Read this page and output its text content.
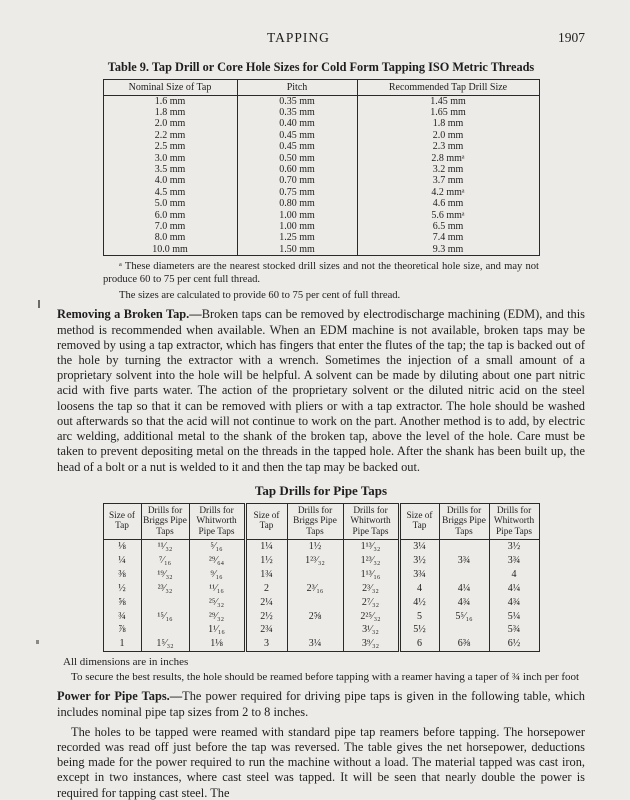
TAPPING	1907
Table 9. Tap Drill or Core Hole Sizes for Cold Form Tapping ISO Metric Threads
Nominal Size of Tap	Pitch	Recommended Tap Drill Size
1.6 mm	0.35 mm	1.45 mm
1.8 mm	0.35 mm	1.65 mm
2.0 mm	0.40 mm	1.8 mm
2.2 mm	0.45 mm	2.0 mm
2.5 mm	0.45 mm	2.3 mm
3.0 mm	0.50 mm	2.8 mmᵃ
3.5 mm	0.60 mm	3.2 mm
4.0 mm	0.70 mm	3.7 mm
4.5 mm	0.75 mm	4.2 mmᵃ
5.0 mm	0.80 mm	4.6 mm
6.0 mm	1.00 mm	5.6 mmᵃ
7.0 mm	1.00 mm	6.5 mm
8.0 mm	1.25 mm	7.4 mm
10.0 mm	1.50 mm	9.3 mm
ᵃ These diameters are the nearest stocked drill sizes and not the theoretical hole size, and may not produce 60 to 75 per cent full thread.
The sizes are calculated to provide 60 to 75 per cent of full thread.

Removing a Broken Tap.—Broken taps can be removed by electrodischarge machining (EDM), and this method is recommended when available. When an EDM machine is not available, broken taps may be removed by using a tap extractor, which has fingers that enter the flutes of the tap; the tap is backed out of the hole by turning the extractor with a wrench. Sometimes the injection of a small amount of a proprietary solvent into the hole will be helpful. A solvent can be made by diluting about one part nitric acid with five parts water. The action of the proprietary solvent or the diluted nitric acid on the steel loosens the tap so that it can be removed with pliers or with a tap extractor. The hole should be washed out afterwards so that the acid will not continue to work on the part. Another method is to add, by electric arc welding, additional metal to the shank of the broken tap, above the level of the hole. Care must be taken to prevent depositing metal on the threads in the tapped hole. After the shank has been built up, the head of a bolt or a nut is welded to it and then the tap may be backed out.

Tap Drills for Pipe Taps
Size of Tap	Drills for Briggs Pipe Taps	Drills for Whitworth Pipe Taps	Size of Tap	Drills for Briggs Pipe Taps	Drills for Whitworth Pipe Taps	Size of Tap	Drills for Briggs Pipe Taps	Drills for Whitworth Pipe Taps
⅛	¹¹⁄₃₂	⁵⁄₁₆	1¼	1½	1¹³⁄₃₂	3¼		3½
¼	⁷⁄₁₆	²⁹⁄₆₄	1½	1²³⁄₃₂	1²³⁄₃₂	3½	3¾	3¾
⅜	¹⁹⁄₃₂	⁹⁄₁₆	1¾		1¹³⁄₁₆	3¾		4
½	²³⁄₃₂	¹¹⁄₁₆	2	2³⁄₁₆	2³⁄₃₂	4	4¼	4¼
⅝		²⁵⁄₃₂	2¼		2⁷⁄₃₂	4½	4¾	4¾
¾	¹⁵⁄₁₆	²⁹⁄₃₂	2½	2⅝	2²⁵⁄₃₂	5	5⁵⁄₁₆	5¼
⅞		1¹⁄₁₆	2¾		3¹⁄₃₂	5½		5¾
1	1⁵⁄₃₂	1⅛	3	3¼	3⁹⁄₃₂	6	6⅜	6½
All dimensions are in inches
To secure the best results, the hole should be reamed before tapping with a reamer having a taper of ¾ inch per foot

Power for Pipe Taps.—The power required for driving pipe taps is given in the following table, which includes nominal pipe tap sizes from 2 to 8 inches.

The holes to be tapped were reamed with standard pipe tap reamers before tapping. The horsepower recorded was read off just before the tap was reversed. The table gives the net horsepower, deductions being made for the power required to run the machine without a load. The material tapped was cast iron, except in two instances, where cast steel was tapped. It will be seen that nearly double the power is required for tapping cast steel. The
